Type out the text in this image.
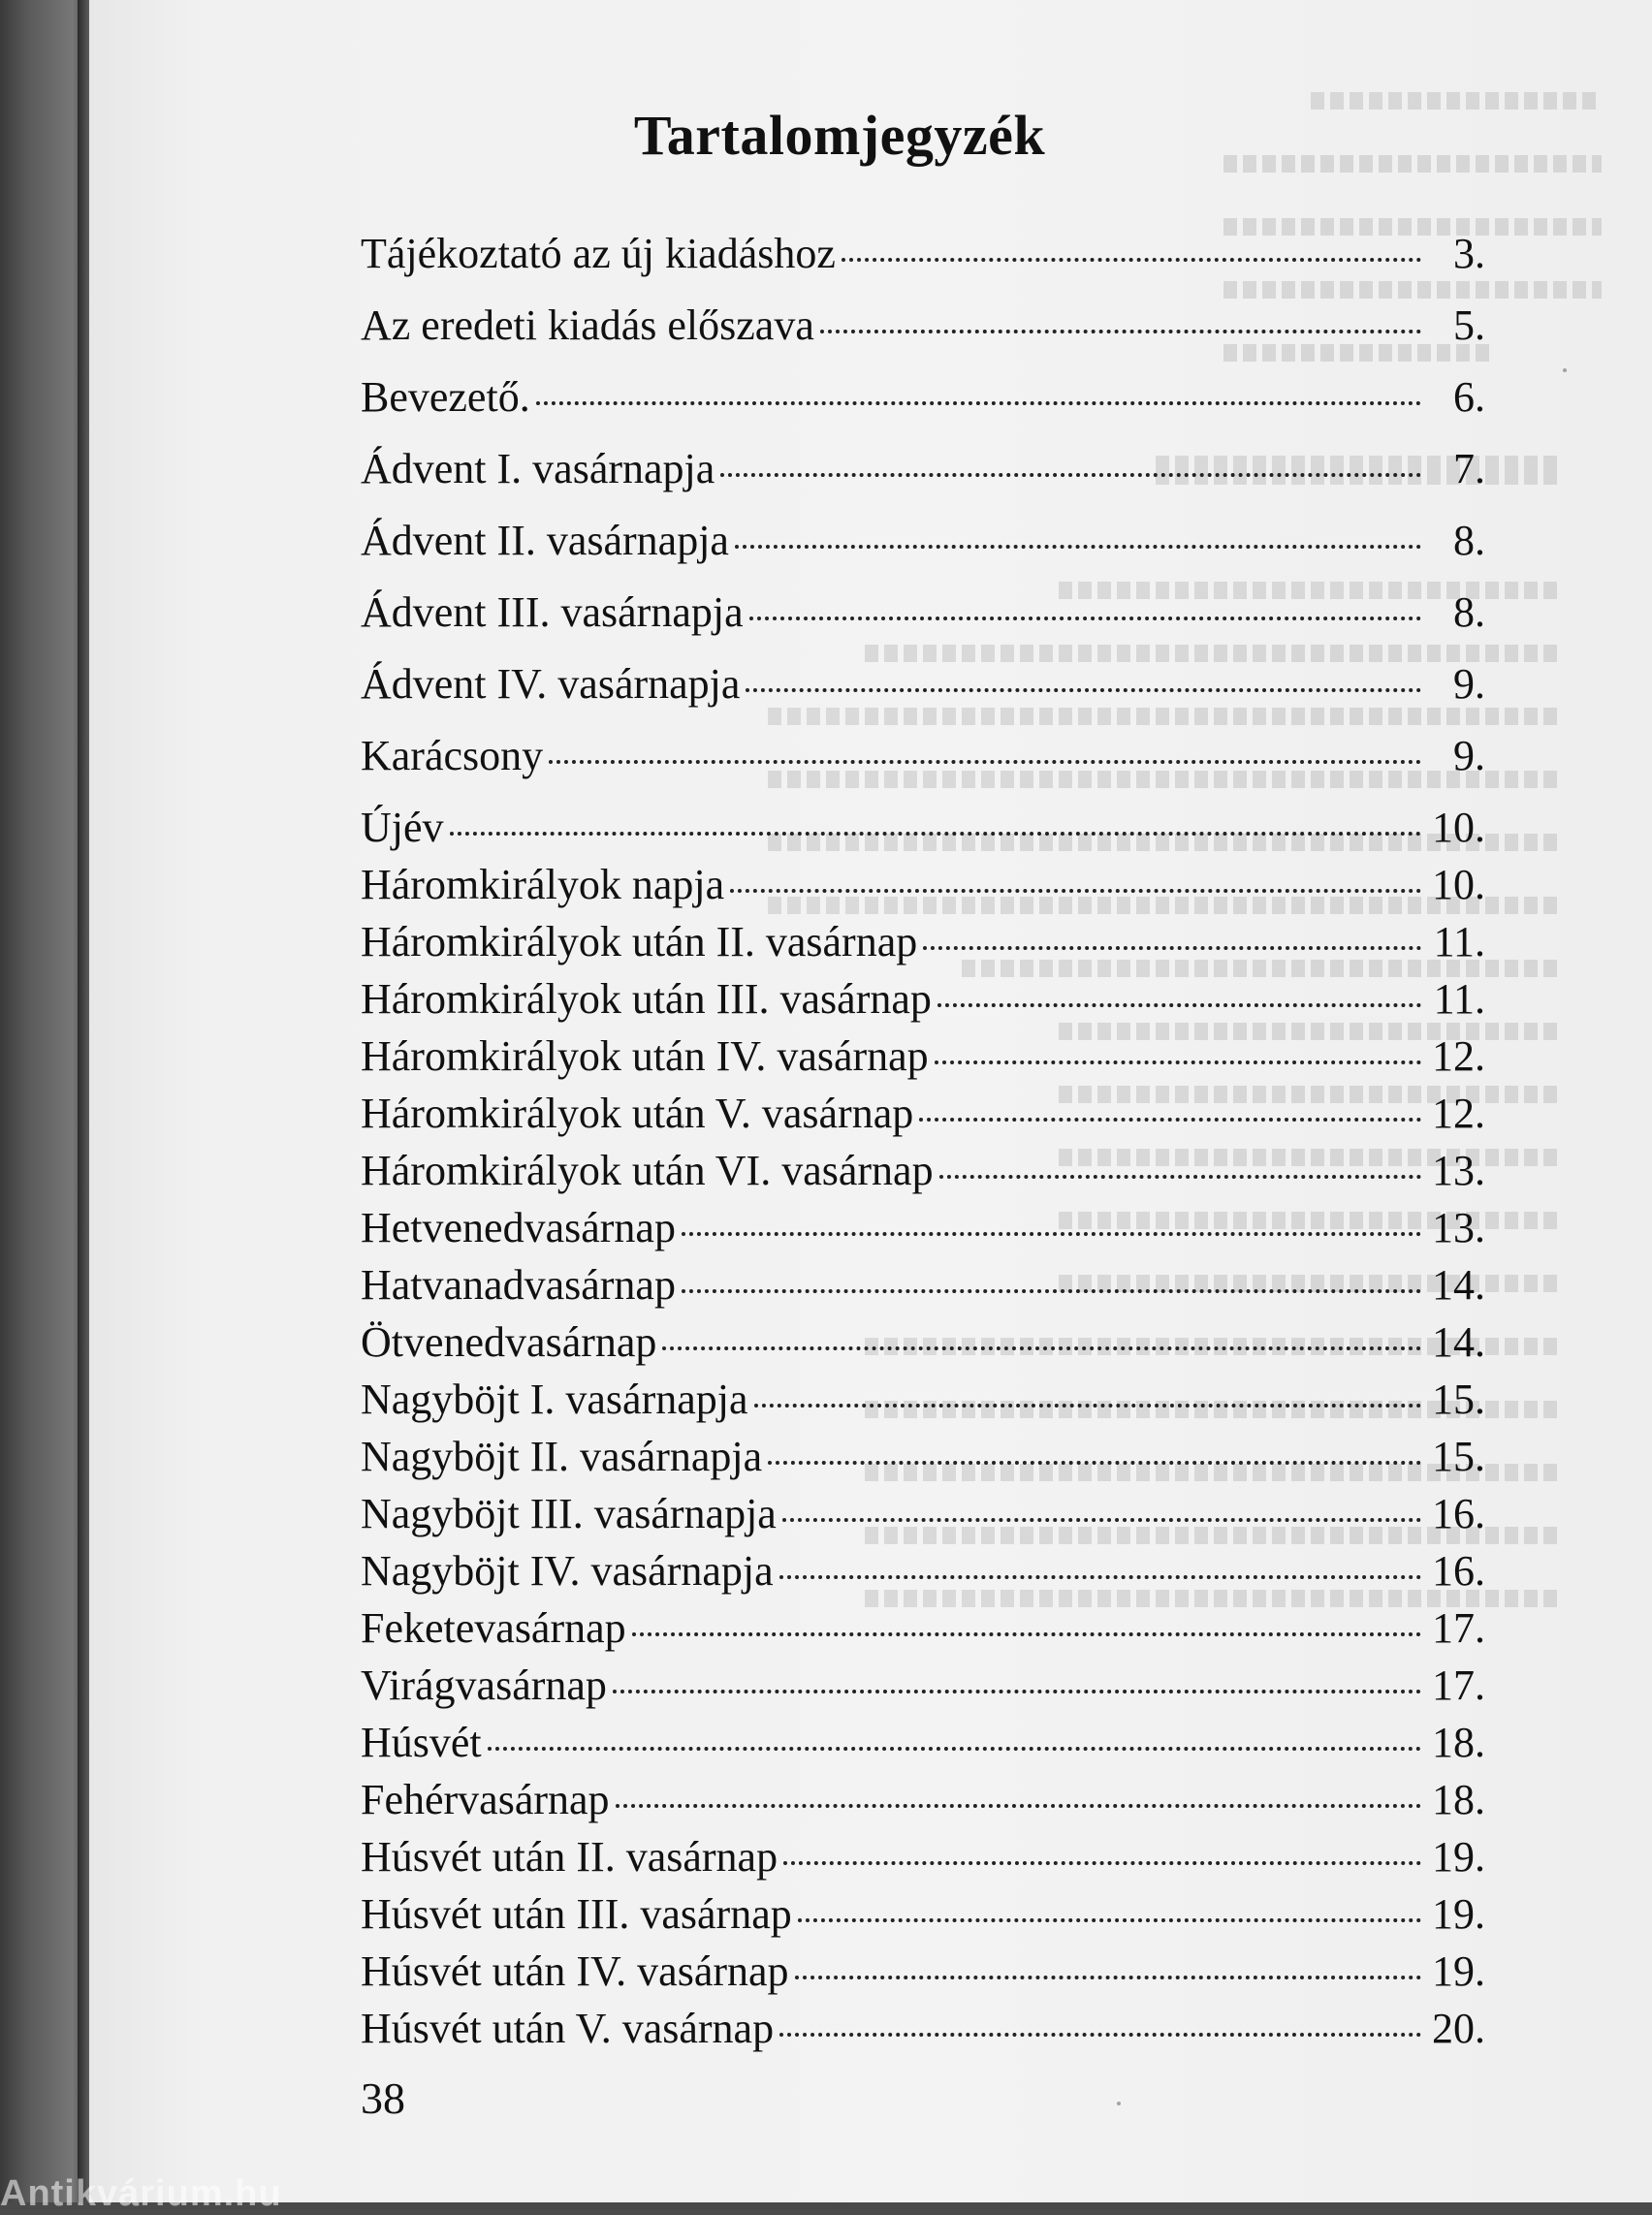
Tartalomjegyzék
Tájékoztató az új kiadáshoz	3.
Az eredeti kiadás előszava	5.
Bevezető.	6.
Ádvent I. vasárnapja	7.
Ádvent II. vasárnapja	8.
Ádvent III. vasárnapja	8.
Ádvent IV. vasárnapja	9.
Karácsony	9.
Újév	10.
Háromkirályok napja	10.
Háromkirályok után II. vasárnap	11.
Háromkirályok után III. vasárnap	11.
Háromkirályok után IV. vasárnap	12.
Háromkirályok után V. vasárnap	12.
Háromkirályok után VI. vasárnap	13.
Hetvenedvasárnap	13.
Hatvanadvasárnap	14.
Ötvenedvasárnap	14.
Nagyböjt I. vasárnapja	15.
Nagyböjt II. vasárnapja	15.
Nagyböjt III. vasárnapja	16.
Nagyböjt IV. vasárnapja	16.
Feketevasárnap	17.
Virágvasárnap	17.
Húsvét	18.
Fehérvasárnap	18.
Húsvét után II. vasárnap	19.
Húsvét után III. vasárnap	19.
Húsvét után IV. vasárnap	19.
Húsvét után V. vasárnap	20.
38
Antikvárium.hu
